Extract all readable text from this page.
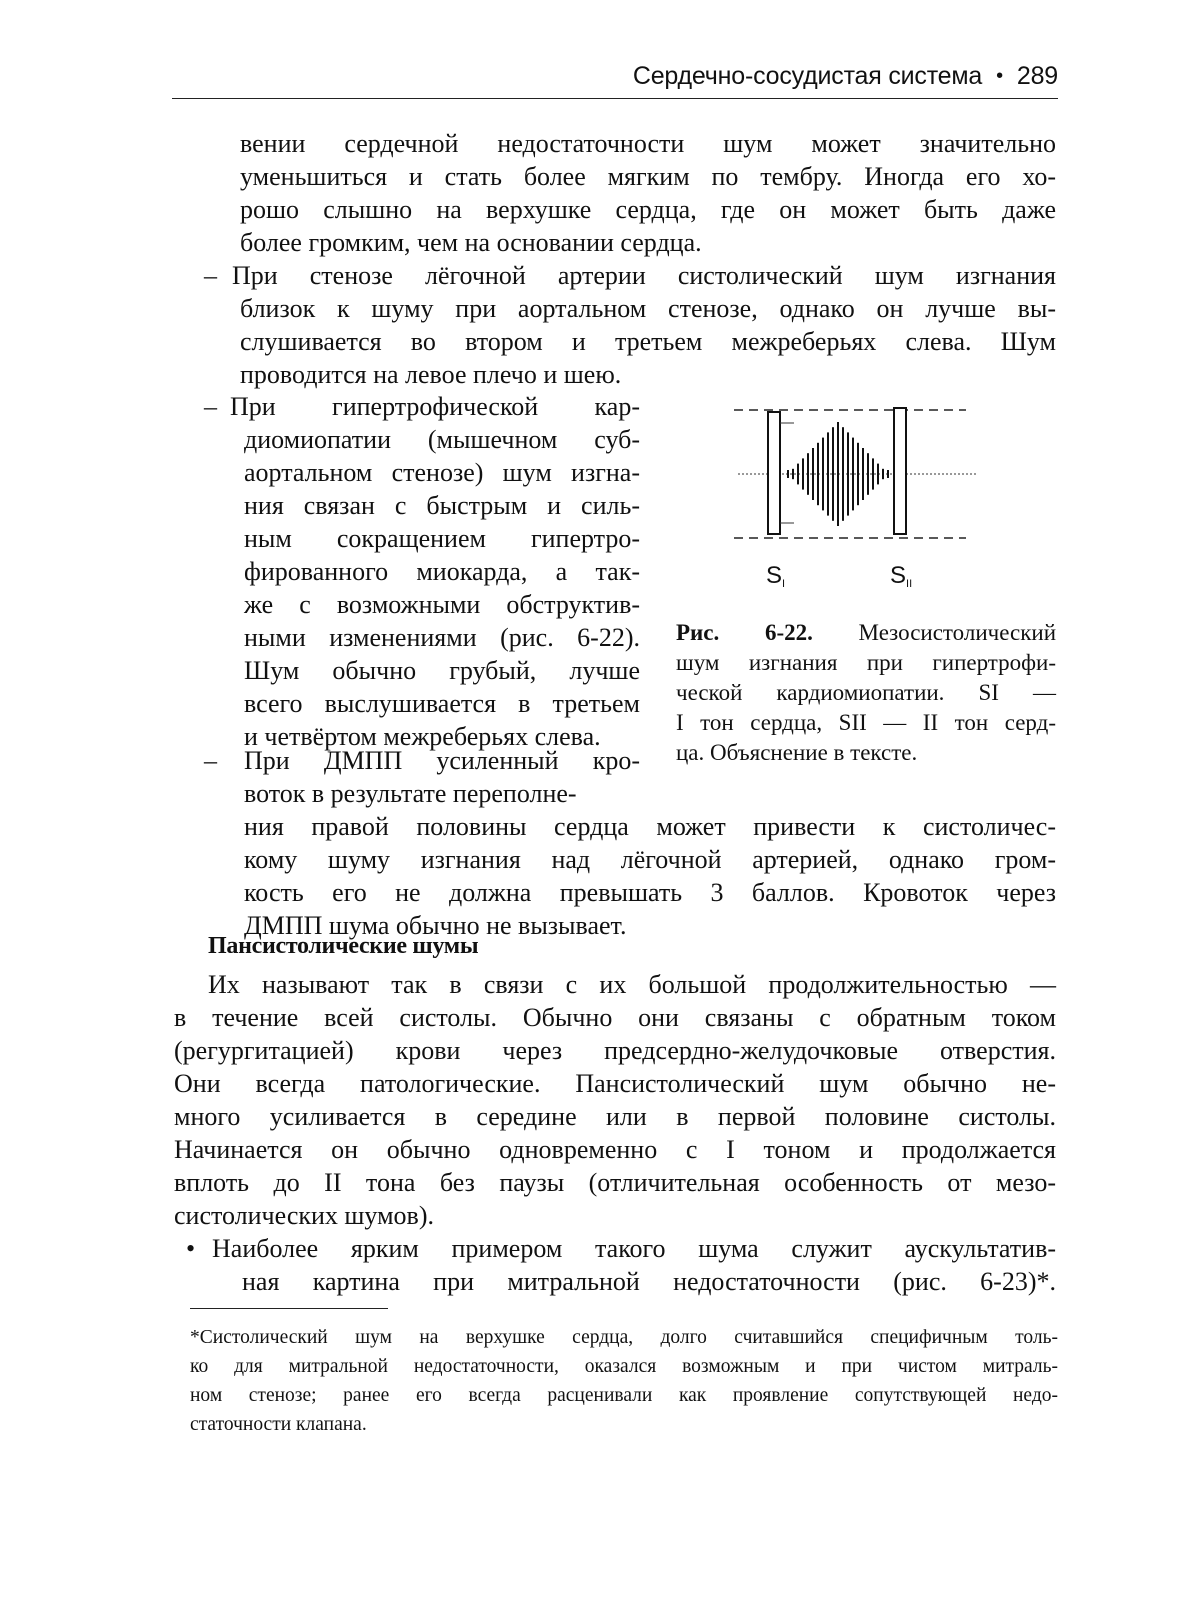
Сердечно-сосудистая система • 289
вении сердечной недостаточности шум может значительно
уменьшиться и стать более мягким по тембру. Иногда его хо-
рошо слышно на верхушке сердца, где он может быть даже
более громким, чем на основании сердца.
– При стенозе лёгочной артерии систолический шум изгнания
близок к шуму при аортальном стенозе, однако он лучше вы-
слушивается во втором и третьем межреберьях слева. Шум
проводится на левое плечо и шею.
– При гипертрофической кар-
диомиопатии (мышечном суб-
аортальном стенозе) шум изгна-
ния связан с быстрым и силь-
ным сокращением гипертро-
фированного миокарда, а так-
же с возможными обструктив-
ными изменениями (рис. 6-22).
Шум обычно грубый, лучше
всего выслушивается в третьем
и четвёртом межреберьях слева.
SI	SII
Рис. 6-22. Мезосистолический
шум изгнания при гипертрофи-
ческой кардиомиопатии. SI —
I тон сердца, SII — II тон серд-
ца. Объяснение в тексте.
– При ДМПП усиленный кро-
воток в результате переполне-
ния правой половины сердца может привести к систоличес-
кому шуму изгнания над лёгочной артерией, однако гром-
кость его не должна превышать 3 баллов. Кровоток через
ДМПП шума обычно не вызывает.
Пансистолические шумы
Их называют так в связи с их большой продолжительностью —
в течение всей систолы. Обычно они связаны с обратным током
(регургитацией) крови через предсердно-желудочковые отверстия.
Они всегда патологические. Пансистолический шум обычно не-
много усиливается в середине или в первой половине систолы.
Начинается он обычно одновременно с I тоном и продолжается
вплоть до II тона без паузы (отличительная особенность от мезо-
систолических шумов).
• Наиболее ярким примером такого шума служит аускультатив-
ная картина при митральной недостаточности (рис. 6-23)*.
*Систолический шум на верхушке сердца, долго считавшийся специфичным толь-
ко для митральной недостаточности, оказался возможным и при чистом митраль-
ном стенозе; ранее его всегда расценивали как проявление сопутствующей недо-
статочности клапана.
